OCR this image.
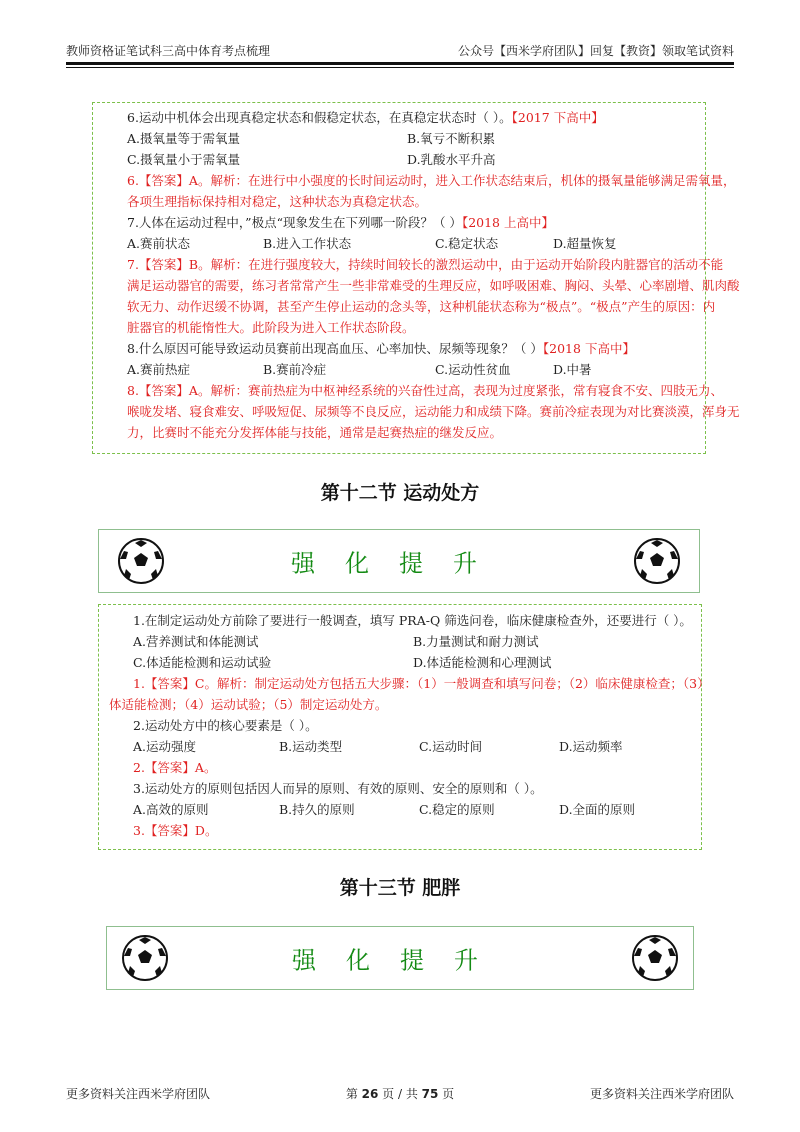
教师资格证笔试科三高中体育考点梳理	公众号【西米学府团队】回复【教资】领取笔试资料
6.运动中机体会出现真稳定状态和假稳定状态，在真稳定状态时（ ）。【2017 下高中】
A.摄氧量等于需氧量	B.氧亏不断积累
C.摄氧量小于需氧量	D.乳酸水平升高
6.【答案】A。解析：在进行中小强度的长时间运动时，进入工作状态结束后，机体的摄氧量能够满足需氧量，
各项生理指标保持相对稳定，这种状态为真稳定状态。
7.人体在运动过程中，”极点“现象发生在下列哪一阶段？（ ）【2018 上高中】
A.赛前状态	B.进入工作状态	C.稳定状态	D.超量恢复
7.【答案】B。解析：在进行强度较大，持续时间较长的激烈运动中，由于运动开始阶段内脏器官的活动不能
满足运动器官的需要，练习者常常产生一些非常难受的生理反应，如呼吸困难、胸闷、头晕、心率剧增、肌肉酸
软无力、动作迟缓不协调，甚至产生停止运动的念头等，这种机能状态称为“极点”。“极点”产生的原因：内
脏器官的机能惰性大。此阶段为进入工作状态阶段。
8.什么原因可能导致运动员赛前出现高血压、心率加快、尿频等现象？（ ）【2018 下高中】
A.赛前热症	B.赛前冷症	C.运动性贫血	D.中暑
8.【答案】A。解析：赛前热症为中枢神经系统的兴奋性过高，表现为过度紧张，常有寝食不安、四肢无力、
喉咙发堵、寝食难安、呼吸短促、尿频等不良反应，运动能力和成绩下降。赛前冷症表现为对比赛淡漠，浑身无
力，比赛时不能充分发挥体能与技能，通常是起赛热症的继发反应。
第十二节 运动处方
强化提升
1.在制定运动处方前除了要进行一般调查，填写 PRA-Q 筛选问卷，临床健康检查外，还要进行（ ）。
A.营养测试和体能测试	B.力量测试和耐力测试
C.体适能检测和运动试验	D.体适能检测和心理测试
1.【答案】C。解析：制定运动处方包括五大步骤：（1）一般调查和填写问卷；（2）临床健康检查；（3）
体适能检测；（4）运动试验；（5）制定运动处方。
2.运动处方中的核心要素是（ ）。
A.运动强度	B.运动类型	C.运动时间	D.运动频率
2.【答案】A。
3.运动处方的原则包括因人而异的原则、有效的原则、安全的原则和（ ）。
A.高效的原则	B.持久的原则	C.稳定的原则	D.全面的原则
3.【答案】D。
第十三节 肥胖
强化提升
更多资料关注西米学府团队	第 26 页 / 共 75 页	更多资料关注西米学府团队
